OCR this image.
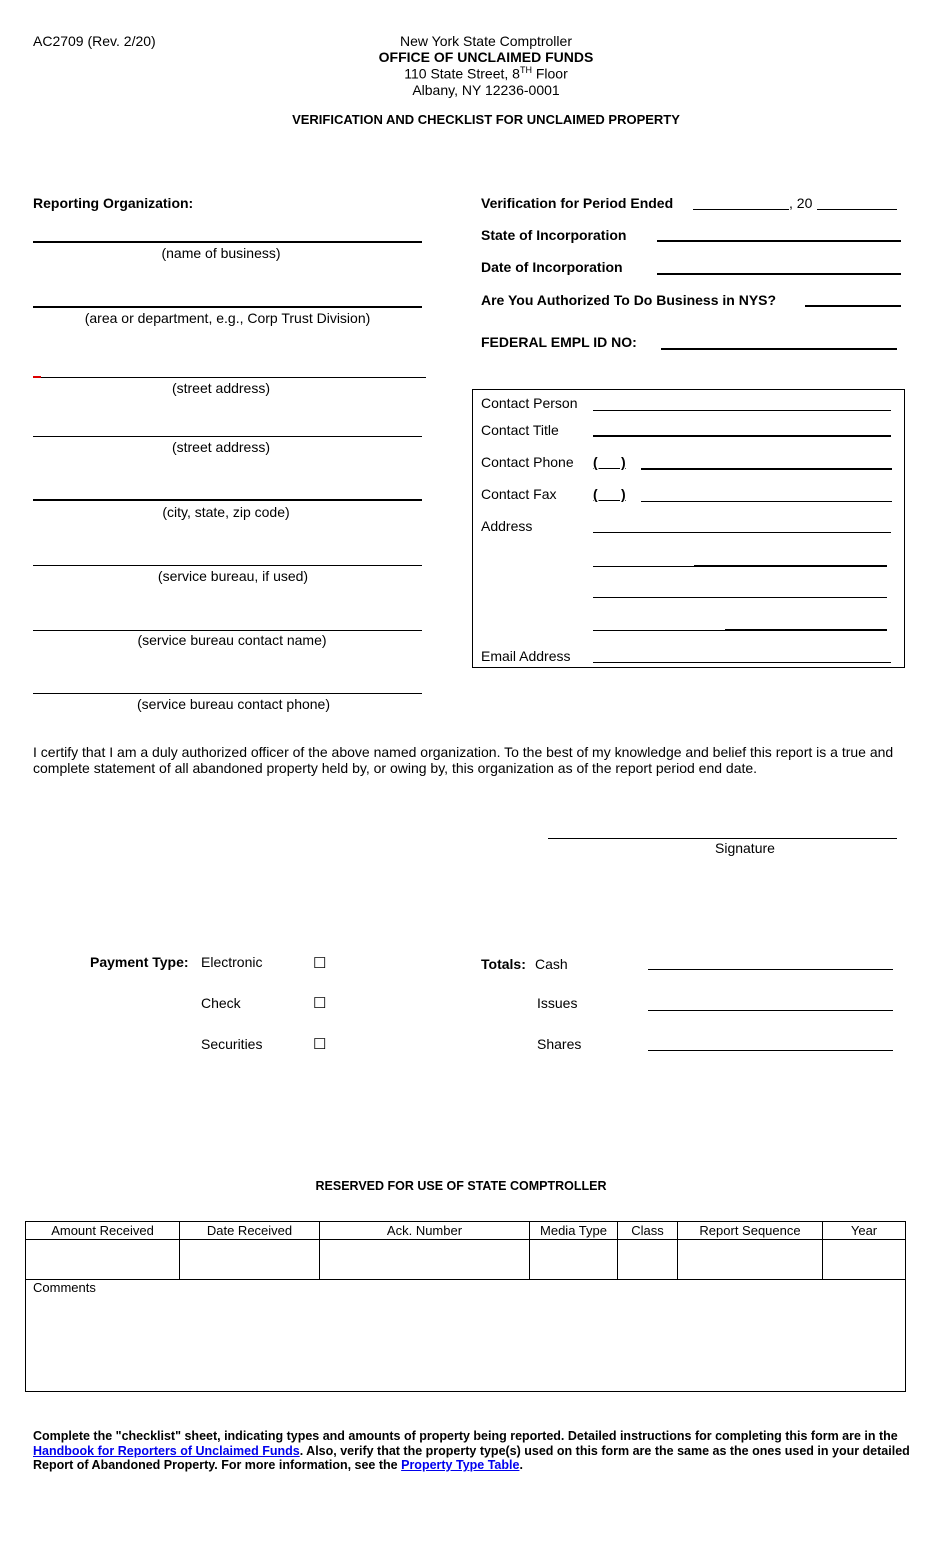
AC2709 (Rev. 2/20)	New York State Comptroller
OFFICE OF UNCLAIMED FUNDS
110 State Street, 8TH Floor
Albany, NY 12236-0001
VERIFICATION AND CHECKLIST FOR UNCLAIMED PROPERTY
Reporting Organization:
(name of business)
(area or department, e.g., Corp Trust Division)
(street address)
(street address)
(city, state, zip code)
(service bureau, if used)
(service bureau contact name)
(service bureau contact phone)
Verification for Period Ended	, 20
State of Incorporation
Date of Incorporation
Are You Authorized To Do Business in NYS?
FEDERAL EMPL ID NO:
Contact Person
Contact Title
Contact Phone (      )
Contact Fax	(      )
Address
Email Address
I certify that I am a duly authorized officer of the above named organization. To the best of my knowledge and belief this report is a true and complete statement of all abandoned property held by, or owing by, this organization as of the report period end date.
Signature
Payment Type: Electronic	☐
Check	☐
Securities	☐
Totals: Cash
Issues
Shares
RESERVED FOR USE OF STATE COMPTROLLER
Amount Received	Date Received	Ack. Number	Media Type	Class	Report Sequence	Year

Comments
Complete the "checklist" sheet, indicating types and amounts of property being reported. Detailed instructions for completing this form are in the Handbook for Reporters of Unclaimed Funds. Also, verify that the property type(s) used on this form are the same as the ones used in your detailed Report of Abandoned Property. For more information, see the Property Type Table.
